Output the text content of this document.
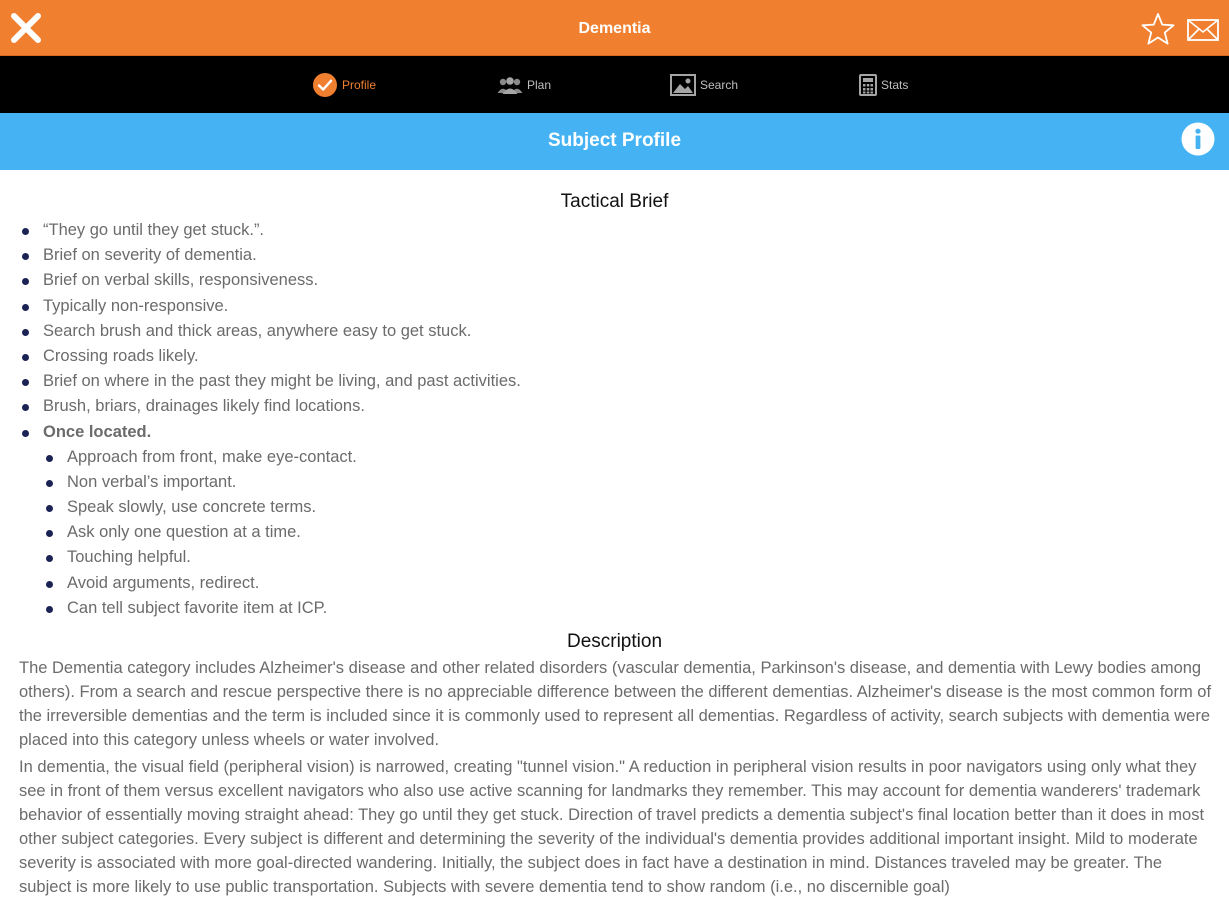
Dementia
Profile	Plan	Search	Stats
Subject Profile
Tactical Brief
“They go until they get stuck.”.
Brief on severity of dementia.
Brief on verbal skills, responsiveness.
Typically non-responsive.
Search brush and thick areas, anywhere easy to get stuck.
Crossing roads likely.
Brief on where in the past they might be living, and past activities.
Brush, briars, drainages likely find locations.
Once located.
Approach from front, make eye-contact.
Non verbal’s important.
Speak slowly, use concrete terms.
Ask only one question at a time.
Touching helpful.
Avoid arguments, redirect.
Can tell subject favorite item at ICP.
Description

The Dementia category includes Alzheimer's disease and other related disorders (vascular dementia, Parkinson's disease, and dementia with Lewy bodies among others). From a search and rescue perspective there is no appreciable difference between the different dementias. Alzheimer's disease is the most common form of the irreversible dementias and the term is included since it is commonly used to represent all dementias. Regardless of activity, search subjects with dementia were placed into this category unless wheels or water involved.

In dementia, the visual field (peripheral vision) is narrowed, creating "tunnel vision." A reduction in peripheral vision results in poor navigators using only what they see in front of them versus excellent navigators who also use active scanning for landmarks they remember. This may account for dementia wanderers' trademark behavior of essentially moving straight ahead: They go until they get stuck. Direction of travel predicts a dementia subject's final location better than it does in most other subject categories. Every subject is different and determining the severity of the individual's dementia provides additional important insight. Mild to moderate severity is associated with more goal-directed wandering. Initially, the subject does in fact have a destination in mind. Distances traveled may be greater. The subject is more likely to use public transportation. Subjects with severe dementia tend to show random (i.e., no discernible goal)
